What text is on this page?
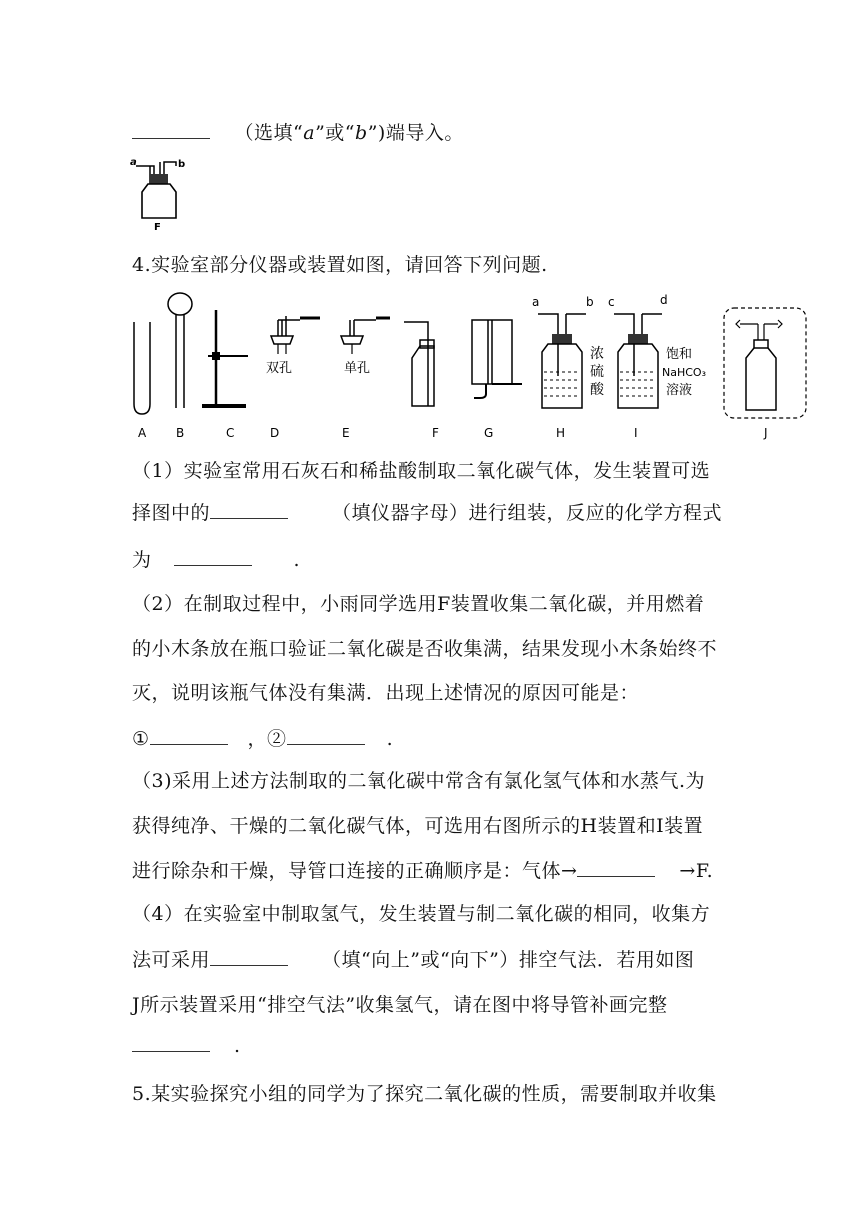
（选填“a”或“b”)端导入。
a	b
F
4.实验室部分仪器或装置如图，请回答下列问题.
a	b
浓
硫
酸
c	d
饱和
NaHCO₃
溶液
双孔	单孔
A B	C	D	E	F	G	H	I	J
（1）实验室常用石灰石和稀盐酸制取二氧化碳气体，发生装置可选
择图中的	（填仪器字母）进行组装，反应的化学方程式
为	.
（2）在制取过程中，小雨同学选用F装置收集二氧化碳，并用燃着
的小木条放在瓶口验证二氧化碳是否收集满，结果发现小木条始终不
灭，说明该瓶气体没有集满．出现上述情况的原因可能是：
①	，②	.
（3)采用上述方法制取的二氧化碳中常含有氯化氢气体和水蒸气.为
获得纯净、干燥的二氧化碳气体，可选用右图所示的H装置和I装置
进行除杂和干燥，导管口连接的正确顺序是：气体→	→F.
（4）在实验室中制取氢气，发生装置与制二氧化碳的相同，收集方
法可采用	（填“向上”或“向下”）排空气法．若用如图
J所示装置采用“排空气法”收集氢气，请在图中将导管补画完整
.
5.某实验探究小组的同学为了探究二氧化碳的性质，需要制取并收集
